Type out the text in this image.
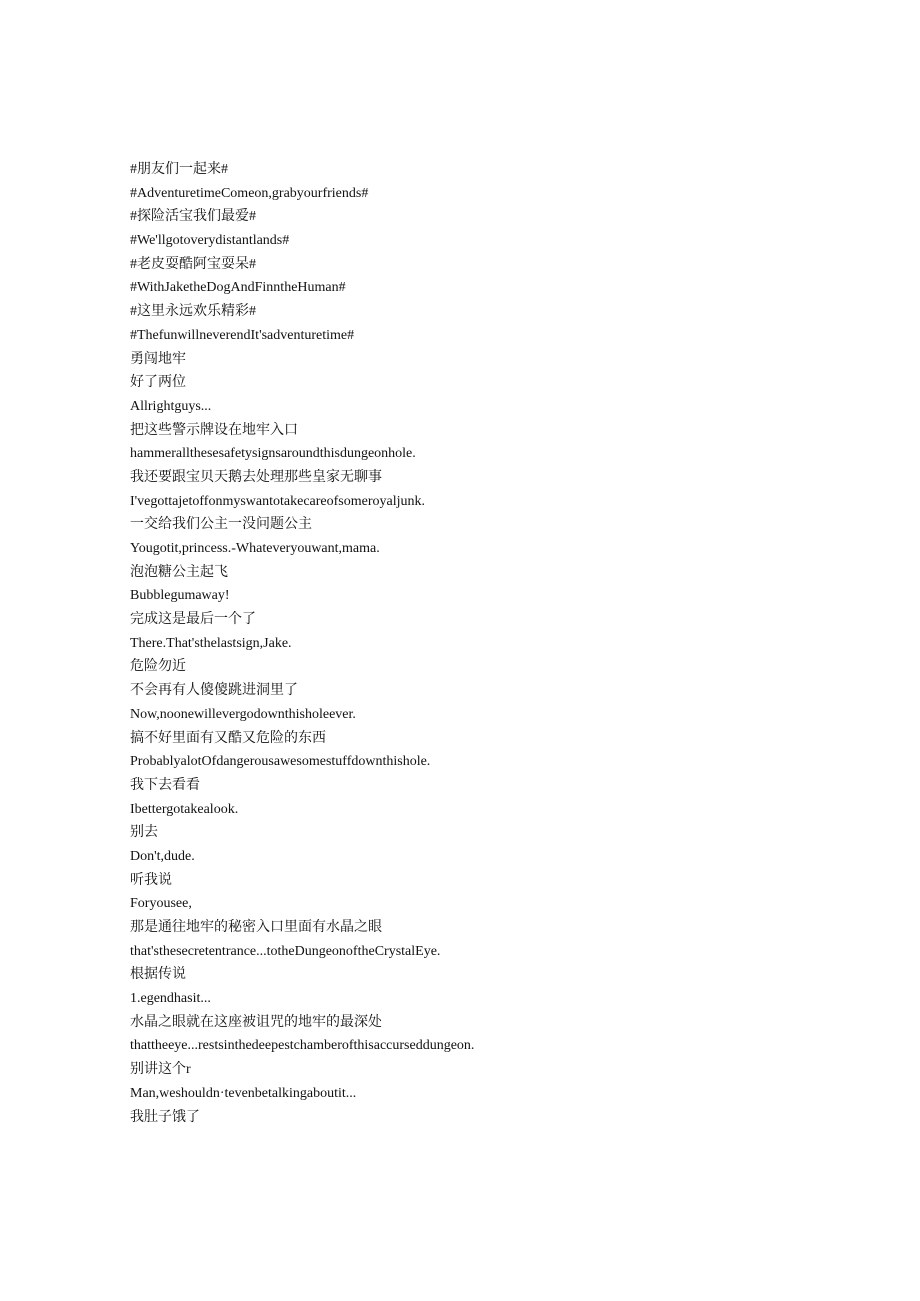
#朋友们一起来#
#AdventuretimeComeon,grabyourfriends#
#探险活宝我们最爱#
#We'llgotoverydistantlands#
#老皮耍酷阿宝耍呆#
#WithJaketheDogAndFinntheHuman#
#这里永远欢乐精彩#
#ThefunwillneverendIt'sadventuretime#
勇闯地牢
好了两位
Allrightguys...
把这些警示牌设在地牢入口
hammerallthesesafetysignsaroundthisdungeonhole.
我还要跟宝贝天鹅去处理那些皇家无聊事
I'vegottajetoffonmyswantotakecareofsomeroyaljunk.
一交给我们公主一没问题公主
Yougotit,princess.-Whateveryouwant,mama.
泡泡糖公主起飞
Bubblegumaway!
完成这是最后一个了
There.That'sthelastsign,Jake.
危险勿近
不会再有人傻傻跳进洞里了
Now,noonewillevergodownthisholeever.
搞不好里面有又酷又危险的东西
ProbablyalotOfdangerousawesomestuffdownthishole.
我下去看看
Ibettergotakealook.
别去
Don't,dude.
听我说
Foryousee,
那是通往地牢的秘密入口里面有水晶之眼
that'sthesecretentrance...totheDungeonoftheCrystalEye.
根据传说
1.egendhasit...
水晶之眼就在这座被诅咒的地牢的最深处
thattheeye...restsinthedeepestchamberofthisaccurseddungeon.
别讲这个r
Man,weshouldn·tevenbetalkingaboutit...
我肚子饿了
